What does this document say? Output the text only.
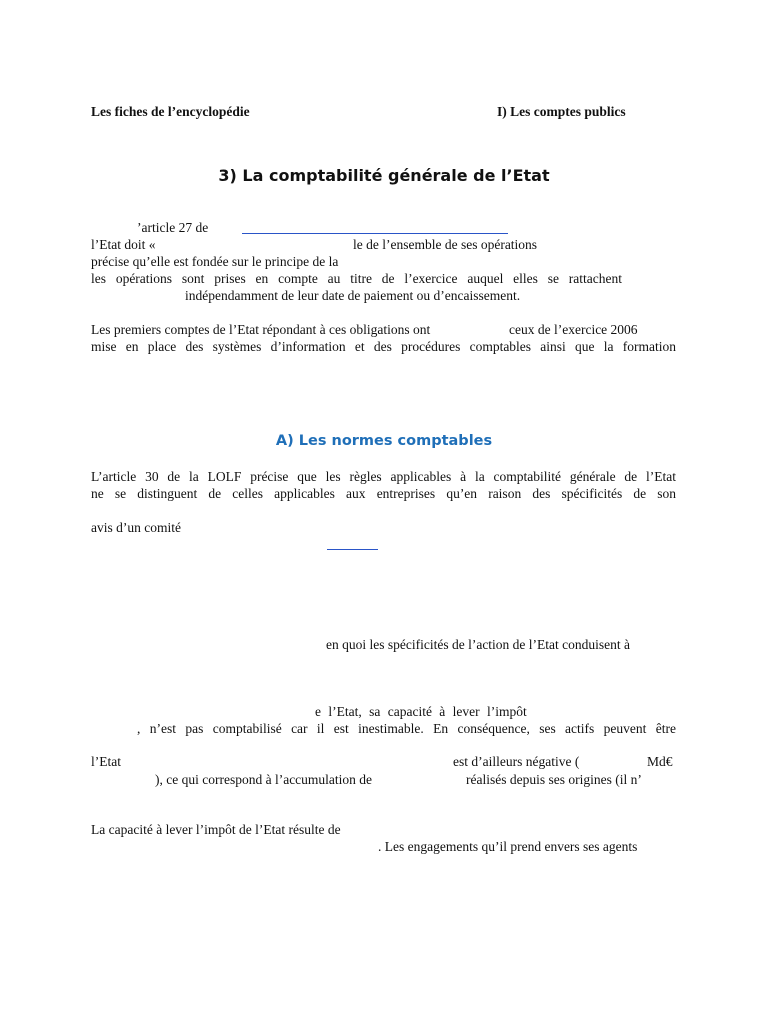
Les fiches de l’encyclopédie	I) Les comptes publics
3) La comptabilité générale de l’Etat
’article 27 de
l’Etat doit «	le de l’ensemble de ses opérations
précise qu’elle est fondée sur le principe de la
les opérations sont prises en compte au titre de l’exercice auquel elles se rattachent
indépendamment de leur date de paiement ou d’encaissement.
Les premiers comptes de l’Etat répondant à ces obligations ont	ceux de l’exercice 2006
mise en place des systèmes d’information et des procédures comptables ainsi que la formation
A) Les normes comptables
L’article 30 de la LOLF précise que les règles applicables à la comptabilité générale de l’Etat
ne se distinguent de celles applicables aux entreprises qu’en raison des spécificités de son
avis d’un comité
en quoi les spécificités de l’action de l’Etat conduisent à
e l’Etat, sa capacité à lever l’impôt
, n’est pas comptabilisé car il est inestimable. En conséquence, ses actifs peuvent être
l’Etat	est d’ailleurs négative (	Md€
), ce qui correspond à l’accumulation de	réalisés depuis ses origines (il n’
La capacité à lever l’impôt de l’Etat résulte de
. Les engagements qu’il prend envers ses agents
